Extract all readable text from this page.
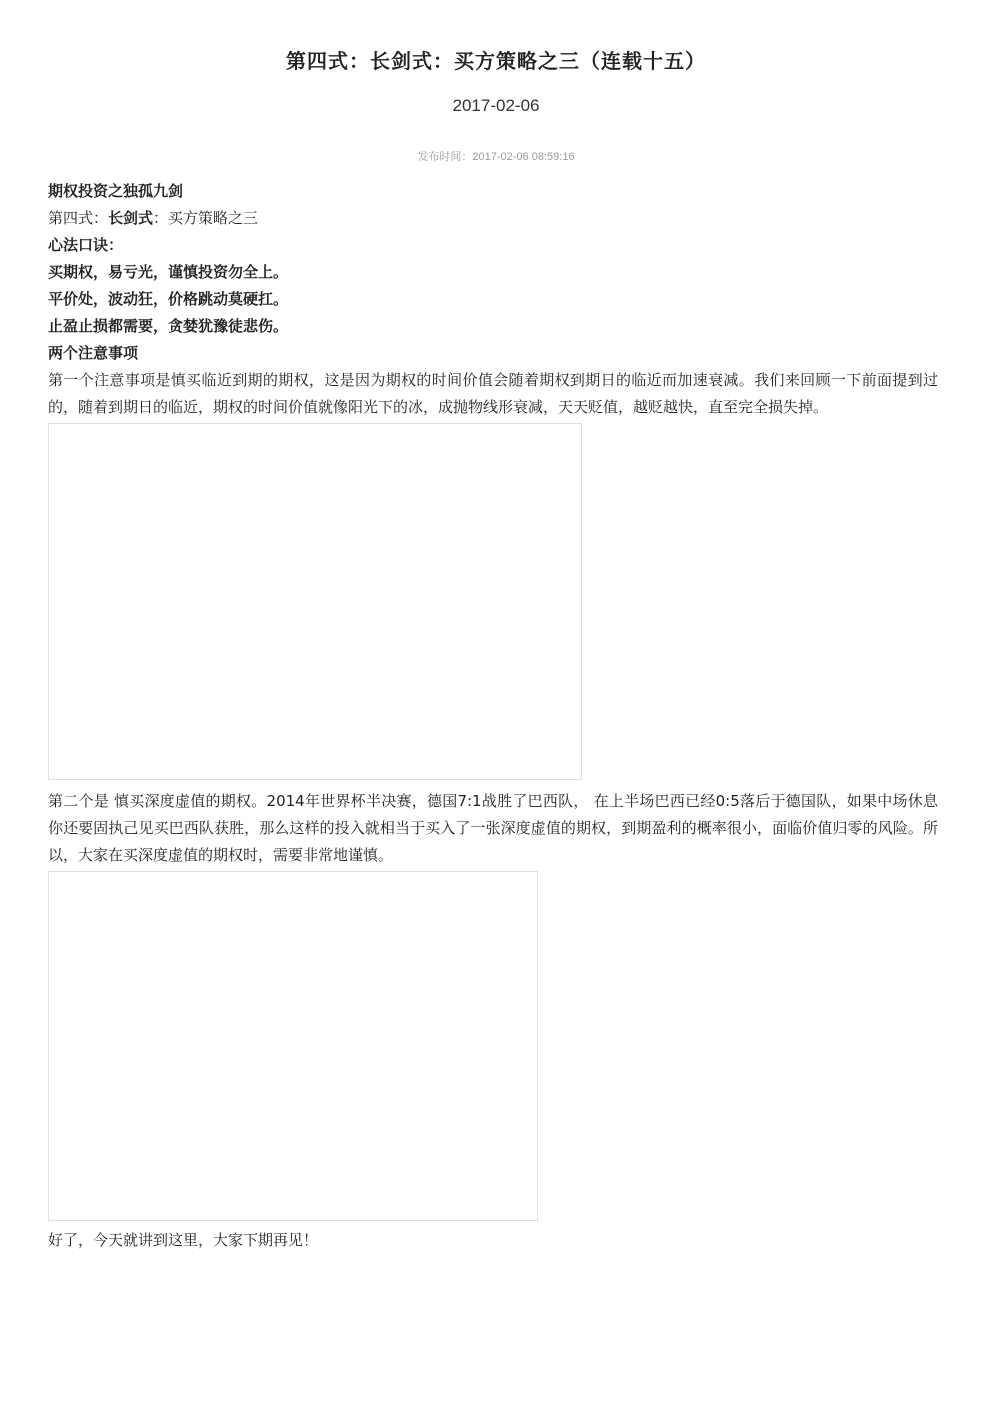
第四式：长剑式：买方策略之三（连载十五）
2017-02-06
发布时间：2017-02-06 08:59:16

期权投资之独孤九剑

第四式：长剑式：买方策略之三

心法口诀：

买期权，易亏光，谨慎投资勿全上。

平价处，波动狂，价格跳动莫硬扛。

止盈止损都需要，贪婪犹豫徒悲伤。

两个注意事项

第一个注意事项是慎买临近到期的期权，这是因为期权的时间价值会随着期权到期日的临近而加速衰减。我们来回顾一下前面提到过的，随着到期日的临近，期权的时间价值就像阳光下的冰，成抛物线形衰减，天天贬值，越贬越快，直至完全损失掉。

第二个是 慎买深度虚值的期权。2014年世界杯半决赛，德国7:1战胜了巴西队， 在上半场巴西已经0:5落后于德国队，如果中场休息你还要固执己见买巴西队获胜，那么这样的投入就相当于买入了一张深度虚值的期权，到期盈利的概率很小，面临价值归零的风险。所以，大家在买深度虚值的期权时，需要非常地谨慎。

好了，今天就讲到这里，大家下期再见！
